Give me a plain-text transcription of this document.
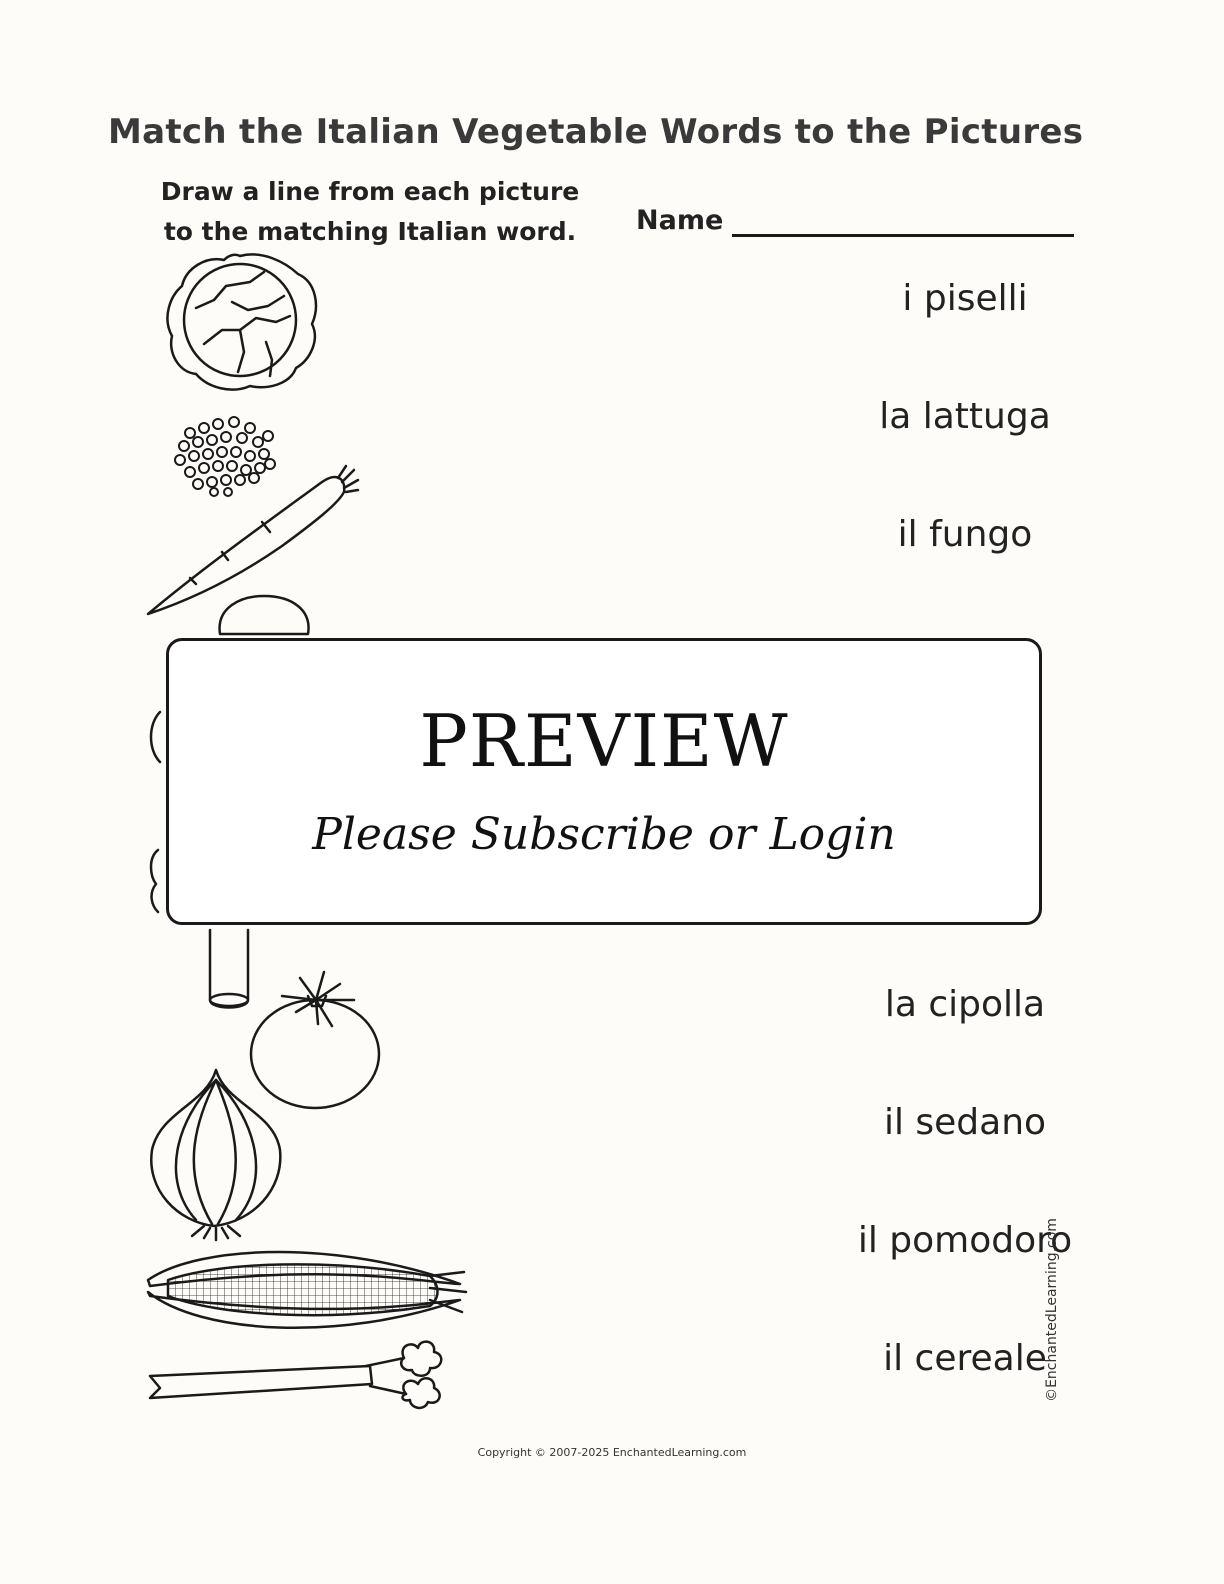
Match the Italian Vegetable Words to the Pictures
Draw a line from each picture to the matching Italian word.	Name
i piselli
la lattuga
il fungo
la cipolla
il sedano
il pomodoro
il cereale
PREVIEW
Please Subscribe or Login
©EnchantedLearning.com
Copyright © 2007-2025 EnchantedLearning.com
